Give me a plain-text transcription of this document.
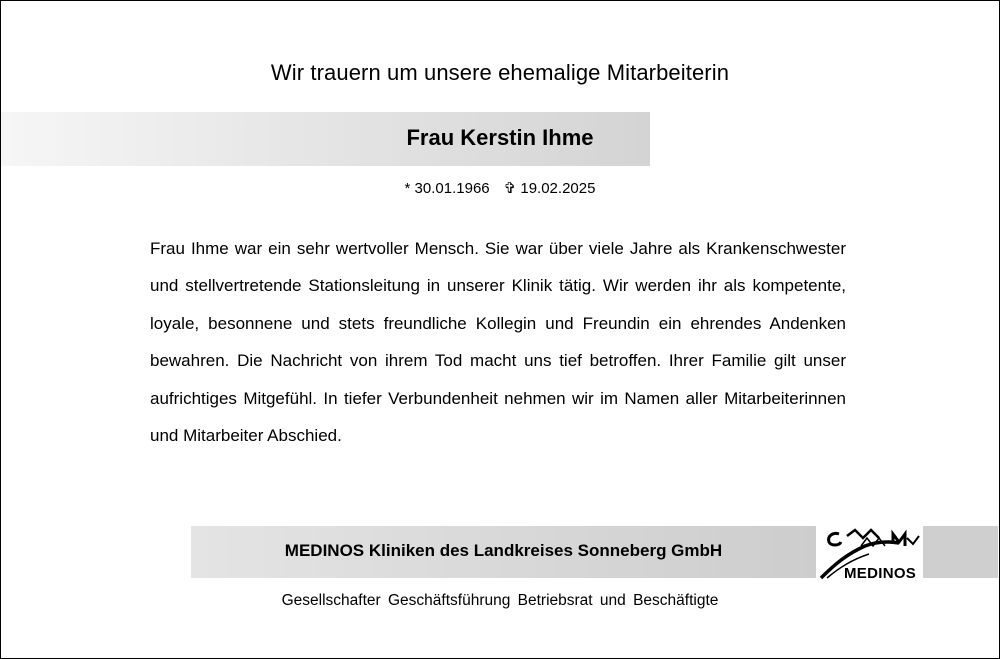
Wir trauern um unsere ehemalige Mitarbeiterin
Frau Kerstin Ihme
* 30.01.1966 ✞ 19.02.2025

Frau Ihme war ein sehr wertvoller Mensch. Sie war über viele Jahre als Krankenschwester und stellvertretende Stationsleitung in unserer Klinik tätig. Wir werden ihr als kompetente, loyale, besonnene und stets freundliche Kollegin und Freundin ein ehrendes Andenken bewahren. Die Nachricht von ihrem Tod macht uns tief betroffen. Ihrer Familie gilt unser aufrichtiges Mitgefühl. In tiefer Verbundenheit nehmen wir im Namen aller Mitarbeiterinnen und Mitarbeiter Abschied.

MEDINOS Kliniken des Landkreises Sonneberg GmbH
MEDINOS
Gesellschafter Geschäftsführung Betriebsrat und Beschäftigte
